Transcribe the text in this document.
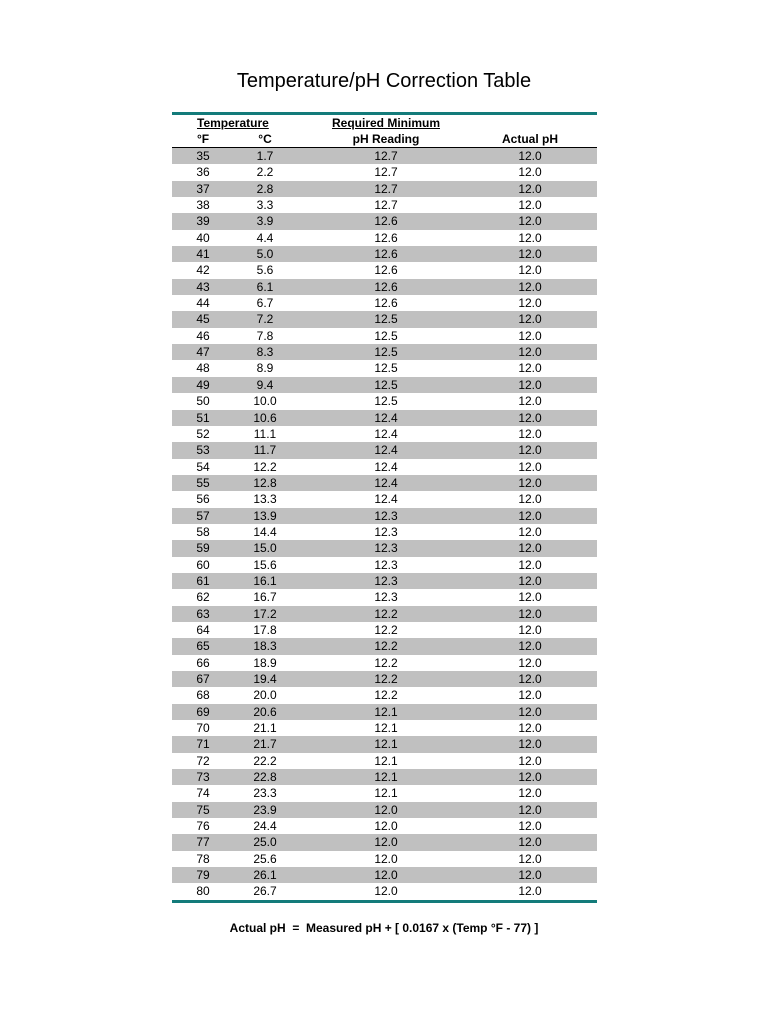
Temperature/pH Correction Table
Temperature
°F	°C
Required Minimum
pH Reading	Actual pH
35	1.7	12.7	12.0
36	2.2	12.7	12.0
37	2.8	12.7	12.0
38	3.3	12.7	12.0
39	3.9	12.6	12.0
40	4.4	12.6	12.0
41	5.0	12.6	12.0
42	5.6	12.6	12.0
43	6.1	12.6	12.0
44	6.7	12.6	12.0
45	7.2	12.5	12.0
46	7.8	12.5	12.0
47	8.3	12.5	12.0
48	8.9	12.5	12.0
49	9.4	12.5	12.0
50	10.0	12.5	12.0
51	10.6	12.4	12.0
52	11.1	12.4	12.0
53	11.7	12.4	12.0
54	12.2	12.4	12.0
55	12.8	12.4	12.0
56	13.3	12.4	12.0
57	13.9	12.3	12.0
58	14.4	12.3	12.0
59	15.0	12.3	12.0
60	15.6	12.3	12.0
61	16.1	12.3	12.0
62	16.7	12.3	12.0
63	17.2	12.2	12.0
64	17.8	12.2	12.0
65	18.3	12.2	12.0
66	18.9	12.2	12.0
67	19.4	12.2	12.0
68	20.0	12.2	12.0
69	20.6	12.1	12.0
70	21.1	12.1	12.0
71	21.7	12.1	12.0
72	22.2	12.1	12.0
73	22.8	12.1	12.0
74	23.3	12.1	12.0
75	23.9	12.0	12.0
76	24.4	12.0	12.0
77	25.0	12.0	12.0
78	25.6	12.0	12.0
79	26.1	12.0	12.0
80	26.7	12.0	12.0
Actual pH  =  Measured pH + [ 0.0167 x (Temp °F - 77) ]
